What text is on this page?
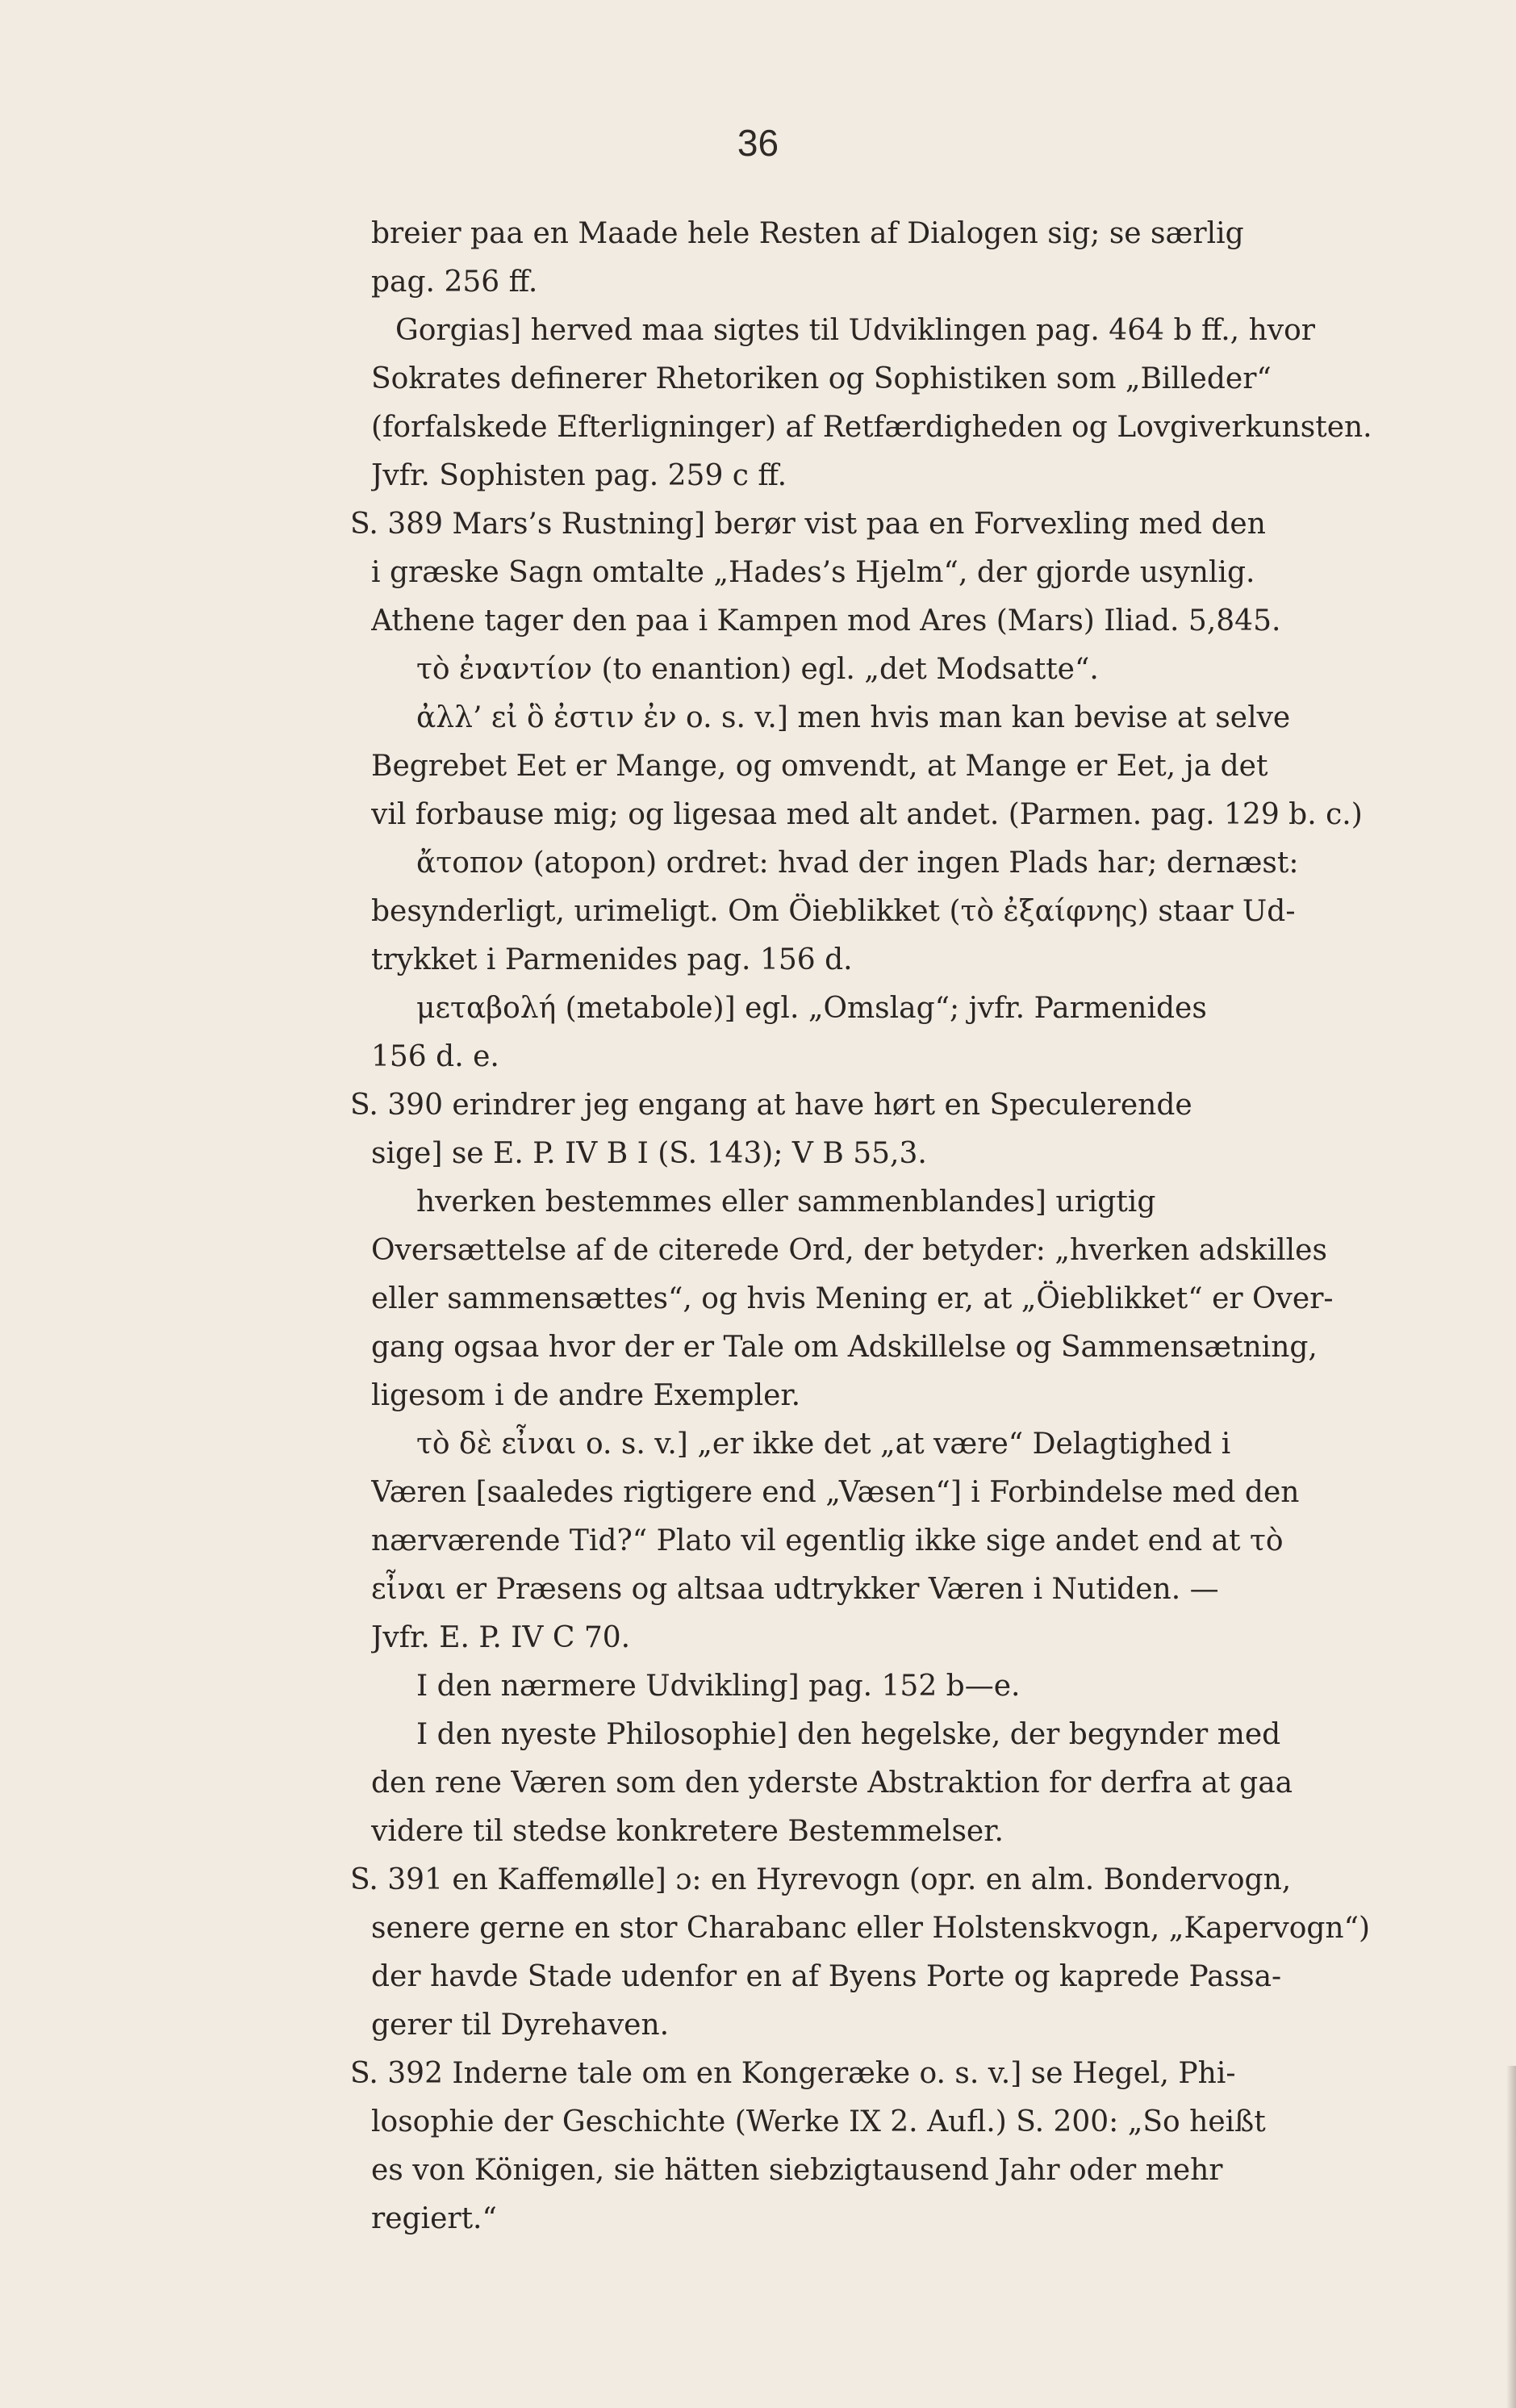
36
breier paa en Maade hele Resten af Dialogen sig; se særlig
pag. 256 ff.
Gorgias] herved maa sigtes til Udviklingen pag. 464 b ff., hvor
Sokrates definerer Rhetoriken og Sophistiken som „Billeder“
(forfalskede Efterligninger) af Retfærdigheden og Lovgiverkunsten.
Jvfr. Sophisten pag. 259 c ff.
S. 389 Mars’s Rustning] berør vist paa en Forvexling med den
i græske Sagn omtalte „Hades’s Hjelm“, der gjorde usynlig.
Athene tager den paa i Kampen mod Ares (Mars) Iliad. 5,845.
τὸ ἐναντίον (to enantion) egl. „det Modsatte“.
ἀλλ’ εἰ ὃ ἐστιν ἐν o. s. v.] men hvis man kan bevise at selve
Begrebet Eet er Mange, og omvendt, at Mange er Eet, ja det
vil forbause mig; og ligesaa med alt andet. (Parmen. pag. 129 b. c.)
ἄτοπον (atopon) ordret: hvad der ingen Plads har; dernæst:
besynderligt, urimeligt. Om Öieblikket (τὸ ἐξαίφνης) staar Ud-
trykket i Parmenides pag. 156 d.
μεταβολή (metabole)] egl. „Omslag“; jvfr. Parmenides
156 d. e.
S. 390 erindrer jeg engang at have hørt en Speculerende
sige] se E. P. IV B I (S. 143); V B 55,3.
hverken bestemmes eller sammenblandes] urigtig
Oversættelse af de citerede Ord, der betyder: „hverken adskilles
eller sammensættes“, og hvis Mening er, at „Öieblikket“ er Over-
gang ogsaa hvor der er Tale om Adskillelse og Sammensætning,
ligesom i de andre Exempler.
τὸ δὲ εἶναι o. s. v.] „er ikke det „at være“ Delagtighed i
Væren [saaledes rigtigere end „Væsen“] i Forbindelse med den
nærværende Tid?“ Plato vil egentlig ikke sige andet end at τὸ
εἶναι er Præsens og altsaa udtrykker Væren i Nutiden. —
Jvfr. E. P. IV C 70.
I den nærmere Udvikling] pag. 152 b—e.
I den nyeste Philosophie] den hegelske, der begynder med
den rene Væren som den yderste Abstraktion for derfra at gaa
videre til stedse konkretere Bestemmelser.
S. 391 en Kaffemølle] ɔ: en Hyrevogn (opr. en alm. Bondervogn,
senere gerne en stor Charabanc eller Holstenskvogn, „Kapervogn“)
der havde Stade udenfor en af Byens Porte og kaprede Passa-
gerer til Dyrehaven.
S. 392 Inderne tale om en Kongeræke o. s. v.] se Hegel, Phi-
losophie der Geschichte (Werke IX 2. Aufl.) S. 200: „So heißt
es von Königen, sie hätten siebzigtausend Jahr oder mehr
regiert.“
